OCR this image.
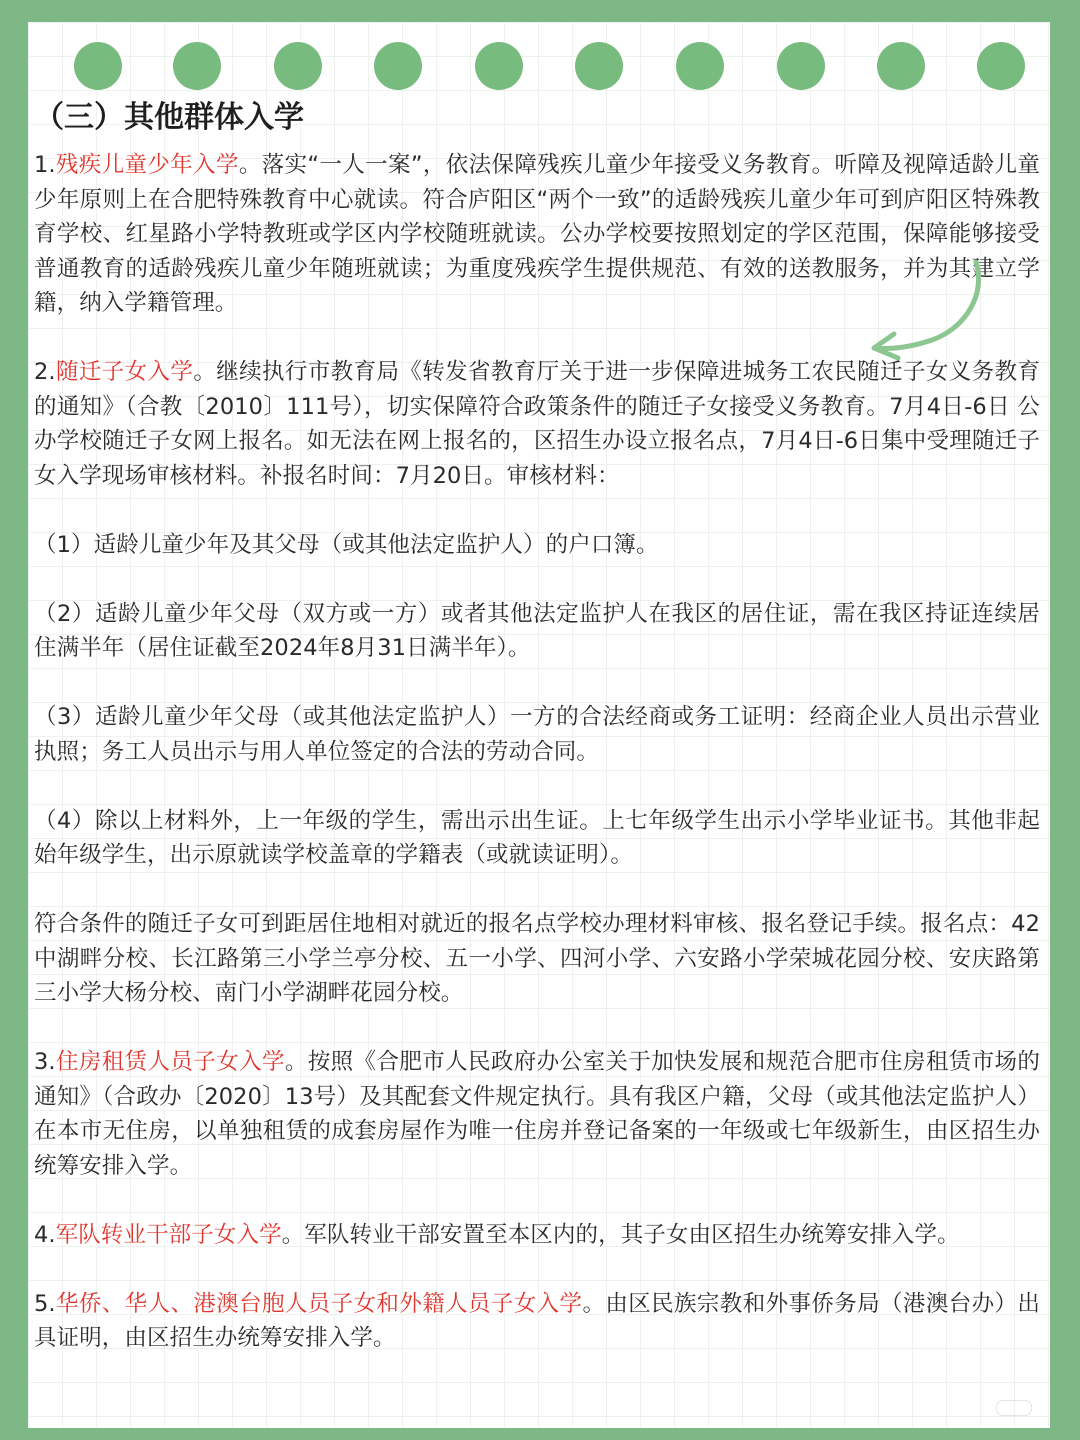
（三）其他群体入学

1.残疾儿童少年入学。落实“一人一案”，依法保障残疾儿童少年接受义务教育。听障及视障适龄儿童少年原则上在合肥特殊教育中心就读。符合庐阳区“两个一致”的适龄残疾儿童少年可到庐阳区特殊教育学校、红星路小学特教班或学区内学校随班就读。公办学校要按照划定的学区范围，保障能够接受普通教育的适龄残疾儿童少年随班就读；为重度残疾学生提供规范、有效的送教服务，并为其建立学籍，纳入学籍管理。

2.随迁子女入学。继续执行市教育局《转发省教育厅关于进一步保障进城务工农民随迁子女义务教育的通知》（合教〔2010〕111号），切实保障符合政策条件的随迁子女接受义务教育。7月4日-6日 公办学校随迁子女网上报名。如无法在网上报名的，区招生办设立报名点，7月4日-6日集中受理随迁子女入学现场审核材料。补报名时间：7月20日。审核材料：

（1）适龄儿童少年及其父母（或其他法定监护人）的户口簿。

（2）适龄儿童少年父母（双方或一方）或者其他法定监护人在我区的居住证，需在我区持证连续居住满半年（居住证截至2024年8月31日满半年）。

（3）适龄儿童少年父母（或其他法定监护人）一方的合法经商或务工证明：经商企业人员出示营业执照；务工人员出示与用人单位签定的合法的劳动合同。

（4）除以上材料外，上一年级的学生，需出示出生证。上七年级学生出示小学毕业证书。其他非起始年级学生，出示原就读学校盖章的学籍表（或就读证明）。

符合条件的随迁子女可到距居住地相对就近的报名点学校办理材料审核、报名登记手续。报名点：42中湖畔分校、长江路第三小学兰亭分校、五一小学、四河小学、六安路小学荣城花园分校、安庆路第三小学大杨分校、南门小学湖畔花园分校。

3.住房租赁人员子女入学。按照《合肥市人民政府办公室关于加快发展和规范合肥市住房租赁市场的通知》（合政办〔2020〕13号）及其配套文件规定执行。具有我区户籍，父母（或其他法定监护人）在本市无住房，以单独租赁的成套房屋作为唯一住房并登记备案的一年级或七年级新生，由区招生办统筹安排入学。

4.军队转业干部子女入学。军队转业干部安置至本区内的，其子女由区招生办统筹安排入学。

5.华侨、华人、港澳台胞人员子女和外籍人员子女入学。由区民族宗教和外事侨务局（港澳台办）出具证明，由区招生办统筹安排入学。
